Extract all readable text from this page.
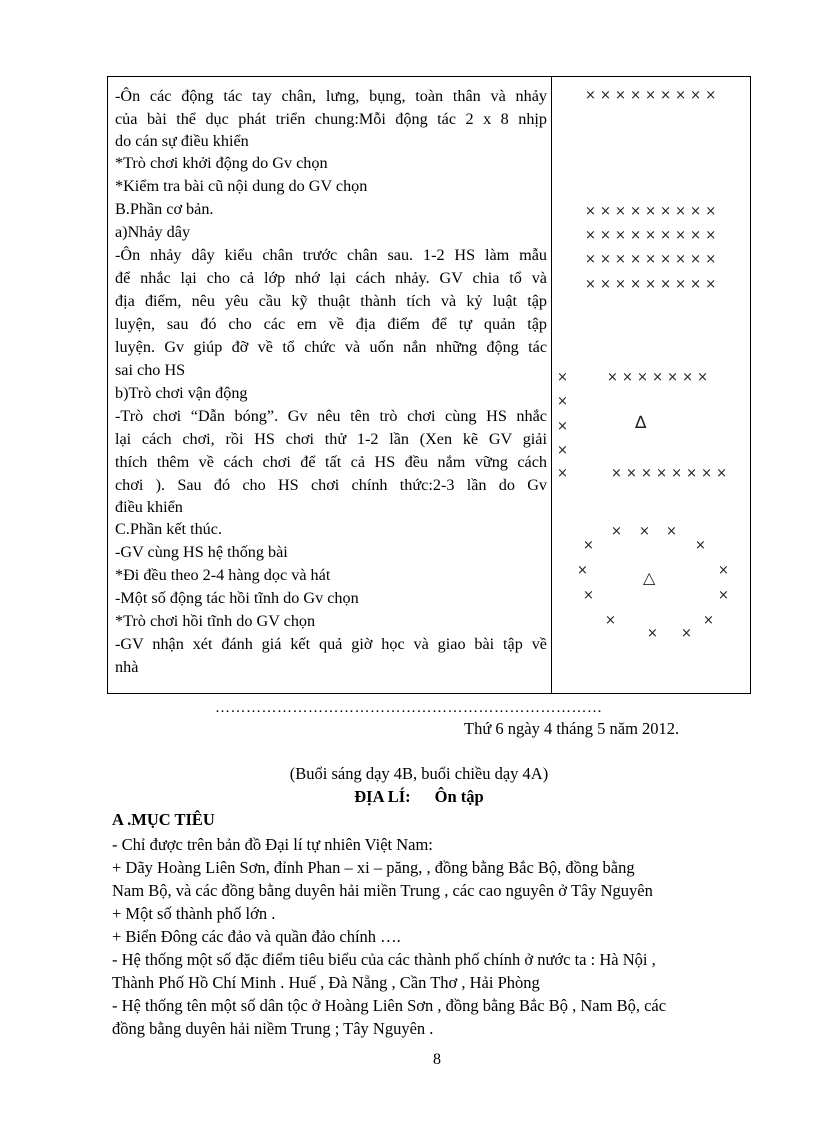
-Ôn các động tác tay chân, lưng, bụng, toàn thân và nhảy
của bài thể dục phát triển chung:Mỗi động tác 2 x 8 nhịp
do cán sự điều khiển
*Trò chơi khởi động do Gv chọn
*Kiểm tra bài cũ nội dung do GV chọn
B.Phần cơ bản.
a)Nhảy dây
-Ôn nhảy dây kiểu chân trước chân sau. 1-2 HS làm mẫu
để nhắc lại cho cả lớp nhớ lại cách nhảy. GV chia tổ và
địa điểm, nêu yêu cầu kỹ thuật thành tích và kỷ luật tập
luyện, sau đó cho các em về địa điểm để tự quản tập
luyện. Gv giúp đỡ về tổ chức và uốn nắn những động tác
sai cho HS
b)Trò chơi vận động
-Trò chơi “Dẫn bóng”. Gv nêu tên trò chơi cùng HS nhắc
lại cách chơi, rồi HS chơi thử 1-2 lần (Xen kẽ GV giải
thích thêm về cách chơi để tất cả HS đều nắm vững cách
chơi ). Sau đó cho HS chơi chính thức:2-3 lần do Gv
điều khiển
C.Phần kết thúc.
-GV cùng HS hệ thống bài
*Đi đều theo 2-4 hàng dọc và hát
-Một số động tác hồi tĩnh do Gv chọn
*Trò chơi hồi tĩnh do GV chọn
-GV nhận xét đánh giá kết quả giờ học và giao bài tập về
nhà
× × × × × × × × ×
× × × × × × × × ×
× × × × × × × × ×
× × × × × × × × ×
× × × × × × × × ×
×	× × × × × × ×
×
×	∆
×
×	× × × × × × × ×
× × ×
×	×
×	×
△
×	×
×	×
× ×
…………………………………………………………………
Thứ 6 ngày 4 tháng 5 năm 2012.
(Buổi sáng dạy 4B, buổi chiều dạy 4A)
ĐỊA LÍ: Ôn tập
A .MỤC TIÊU
- Chỉ được trên bản đồ Đại lí tự nhiên Việt Nam:
+ Dãy Hoàng Liên Sơn, đỉnh Phan – xi – păng, , đồng bằng Bắc Bộ, đồng bằng
Nam Bộ, và các đồng bằng duyên hải miền Trung , các cao nguyên ở Tây Nguyên
+ Một số thành phố lớn .
+ Biển Đông các đảo và quần đảo chính ….
- Hệ thống một số đặc điểm tiêu biểu của các thành phố chính ở nước ta : Hà Nội ,
Thành Phố Hồ Chí Minh . Huế , Đà Nẵng , Cần Thơ , Hải Phòng
- Hệ thống tên một số dân tộc ở Hoàng Liên Sơn , đồng bằng Bắc Bộ , Nam Bộ, các
đồng bằng duyên hải niềm Trung ; Tây Nguyên .
8
